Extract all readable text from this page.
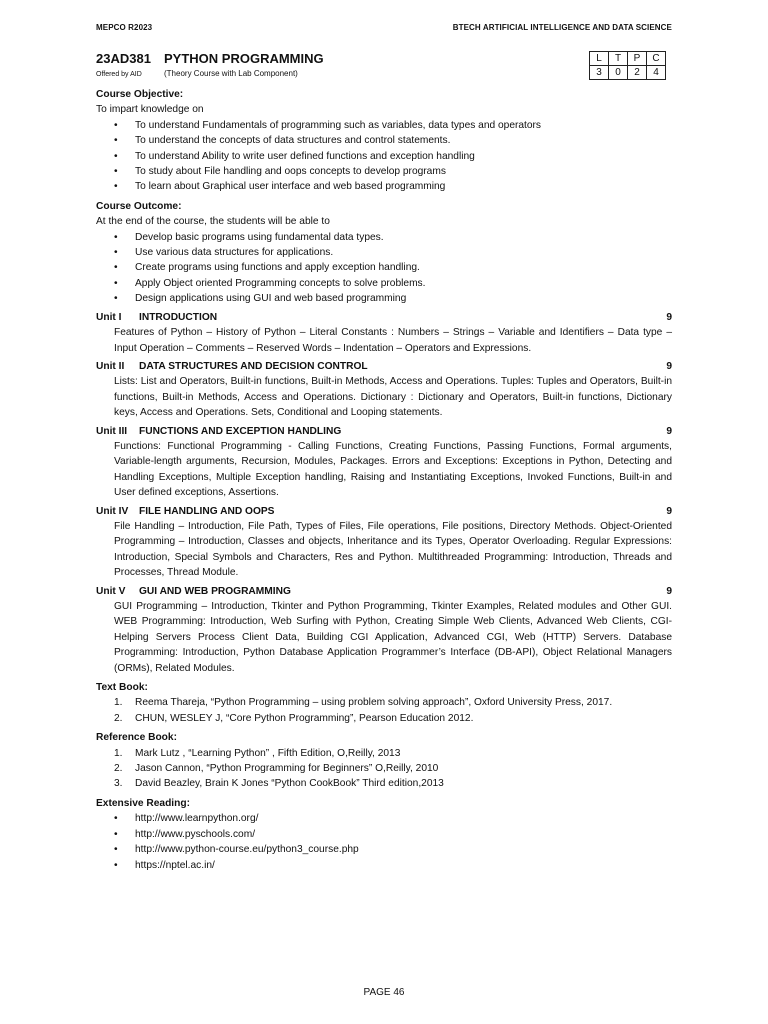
MEPCO R2023	BTECH ARTIFICIAL INTELLIGENCE AND DATA SCIENCE
23AD381 PYTHON PROGRAMMING
Offered by AID	(Theory Course with Lab Component)
L	T	P	C
3	0	2	4
Course Objective:
To impart knowledge on
• To understand Fundamentals of programming such as variables, data types and operators
• To understand the concepts of data structures and control statements.
• To understand Ability to write user defined functions and exception handling
• To study about File handling and oops concepts to develop programs
• To learn about Graphical user interface and web based programming
Course Outcome:
At the end of the course, the students will be able to
• Develop basic programs using fundamental data types.
• Use various data structures for applications.
• Create programs using functions and apply exception handling.
• Apply Object oriented Programming concepts to solve problems.
• Design applications using GUI and web based programming
Unit I	INTRODUCTION	9
Features of Python – History of Python – Literal Constants : Numbers – Strings – Variable and Identifiers – Data type – Input Operation – Comments – Reserved Words – Indentation – Operators and Expressions.
Unit II	DATA STRUCTURES AND DECISION CONTROL	9
Lists: List and Operators, Built-in functions, Built-in Methods, Access and Operations. Tuples: Tuples and Operators, Built-in functions, Built-in Methods, Access and Operations. Dictionary : Dictionary and Operators, Built-in functions, Dictionary keys, Access and Operations. Sets, Conditional and Looping statements.
Unit III	FUNCTIONS AND EXCEPTION HANDLING	9
Functions: Functional Programming - Calling Functions, Creating Functions, Passing Functions, Formal arguments, Variable-length arguments, Recursion, Modules, Packages. Errors and Exceptions: Exceptions in Python, Detecting and Handling Exceptions, Multiple Exception handling, Raising and Instantiating Exceptions, Invoked Functions, Built-in and User defined exceptions, Assertions.
Unit IV	FILE HANDLING AND OOPS	9
File Handling – Introduction, File Path, Types of Files, File operations, File positions, Directory Methods. Object-Oriented Programming – Introduction, Classes and objects, Inheritance and its Types, Operator Overloading. Regular Expressions: Introduction, Special Symbols and Characters, Res and Python. Multithreaded Programming: Introduction, Threads and Processes, Thread Module.
Unit V	GUI AND WEB PROGRAMMING	9
GUI Programming – Introduction, Tkinter and Python Programming, Tkinter Examples, Related modules and Other GUI. WEB Programming: Introduction, Web Surfing with Python, Creating Simple Web Clients, Advanced Web Clients, CGI-Helping Servers Process Client Data, Building CGI Application, Advanced CGI, Web (HTTP) Servers. Database Programming: Introduction, Python Database Application Programmer’s Interface (DB-API), Object Relational Managers (ORMs), Related Modules.
Text Book:
1.	Reema Thareja, “Python Programming – using problem solving approach”, Oxford University Press, 2017.
2.	CHUN, WESLEY J, “Core Python Programming”, Pearson Education 2012.
Reference Book:
1.	Mark Lutz , “Learning Python” , Fifth Edition, O,Reilly, 2013
2.	Jason Cannon, “Python Programming for Beginners” O,Reilly, 2010
3.	David Beazley, Brain K Jones “Python CookBook” Third edition,2013
Extensive Reading:
• http://www.learnpython.org/
• http://www.pyschools.com/
• http://www.python-course.eu/python3_course.php
• https://nptel.ac.in/
PAGE 46
